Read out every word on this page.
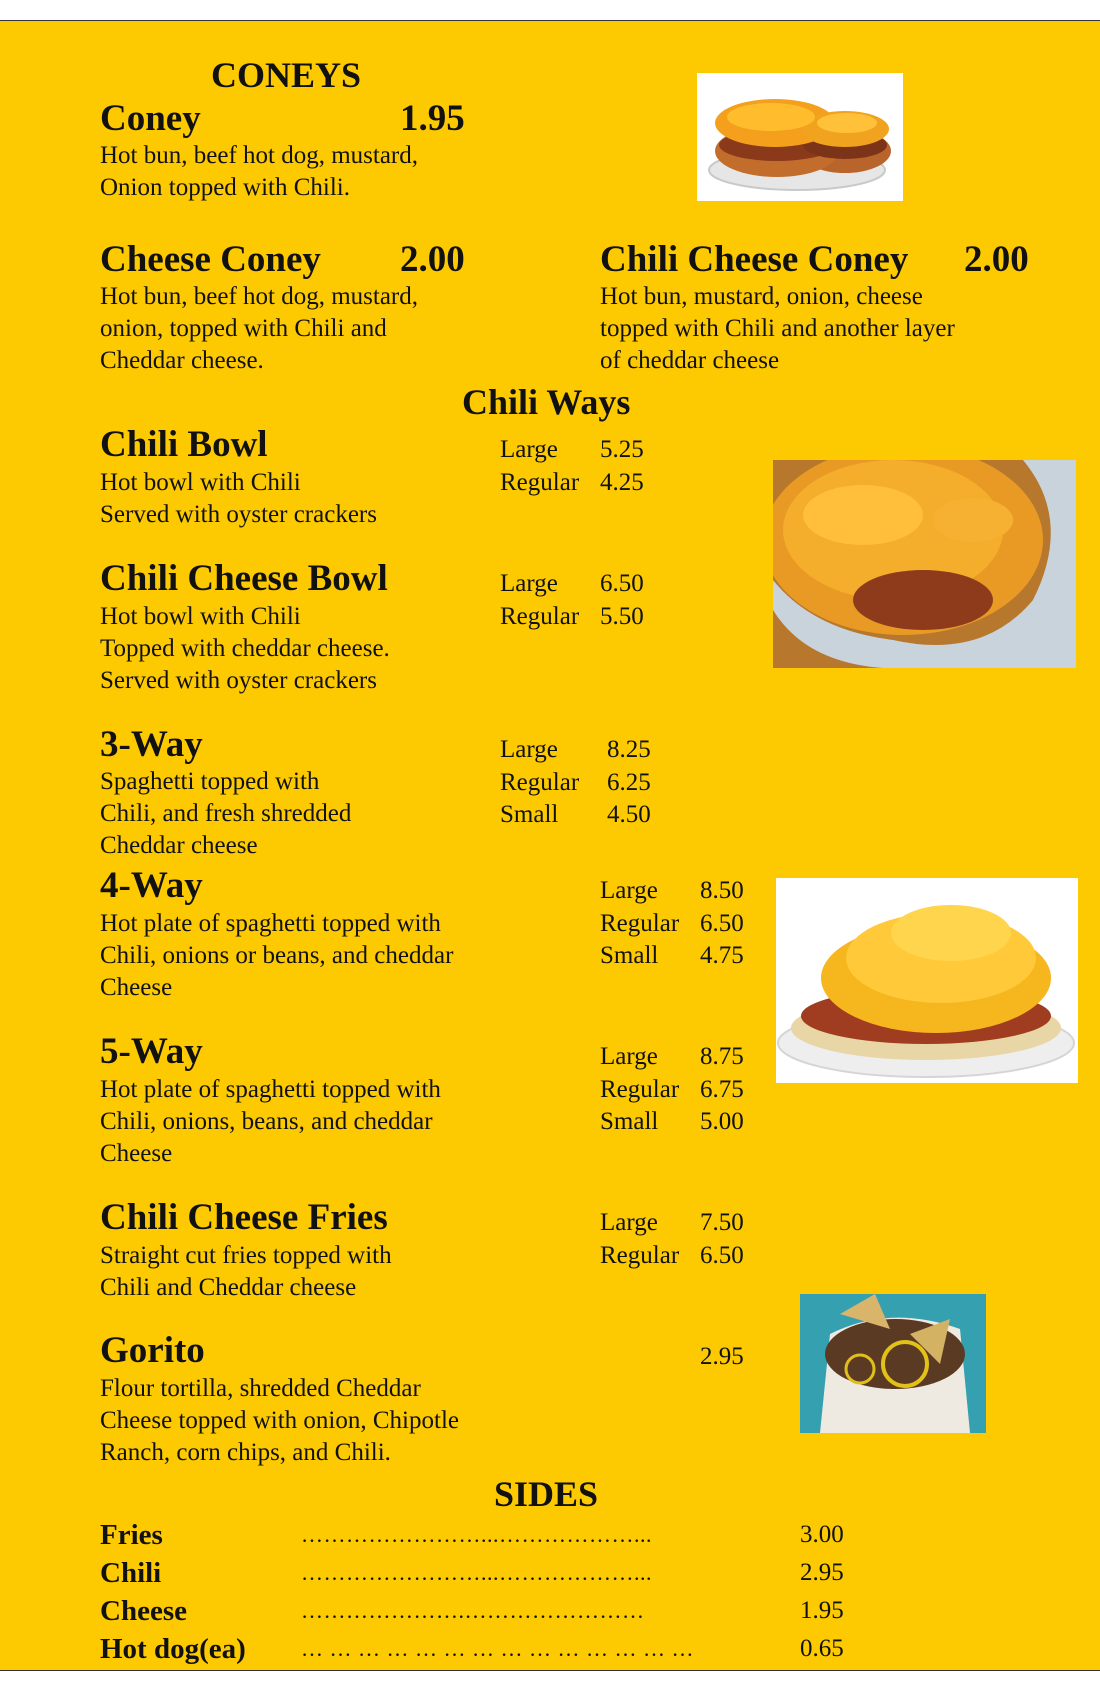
CONEYS
Coney	1.95
Hot bun, beef hot dog, mustard,
Onion topped with Chili.
Cheese Coney 2.00
Hot bun, beef hot dog, mustard,
onion, topped with Chili and
Cheddar cheese.
Chili Cheese Coney 2.00
Hot bun, mustard, onion, cheese
topped with Chili and another layer
of cheddar cheese
Chili Ways
Chili Bowl
Hot bowl with Chili
Served with oyster crackers
Large	5.25
Regular 4.25
Chili Cheese Bowl
Hot bowl with Chili
Topped with cheddar cheese.
Served with oyster crackers
Large	6.50
Regular 5.50
3-Way
Spaghetti topped with
Chili, and fresh shredded
Cheddar cheese
Large	8.25
Regular	6.25
Small	4.50
4-Way
Hot plate of spaghetti topped with
Chili, onions or beans, and cheddar
Cheese
Large	8.50
Regular 6.50
Small	4.75
5-Way
Hot plate of spaghetti topped with
Chili, onions, beans, and cheddar
Cheese
Large	8.75
Regular 6.75
Small	5.00
Chili Cheese Fries
Straight cut fries topped with
Chili and Cheddar cheese
Large	7.50
Regular 6.50
Gorito	2.95
Flour tortilla, shredded Cheddar
Cheese topped with onion, Chipotle
Ranch, corn chips, and Chili.
SIDES
Fries	……………………...………………...	3.00
Chili	……………………...………………...	2.95
Cheese	………………….……………………	1.95
Hot dog(ea)	… … … … … … … … … … … … … …	0.65
